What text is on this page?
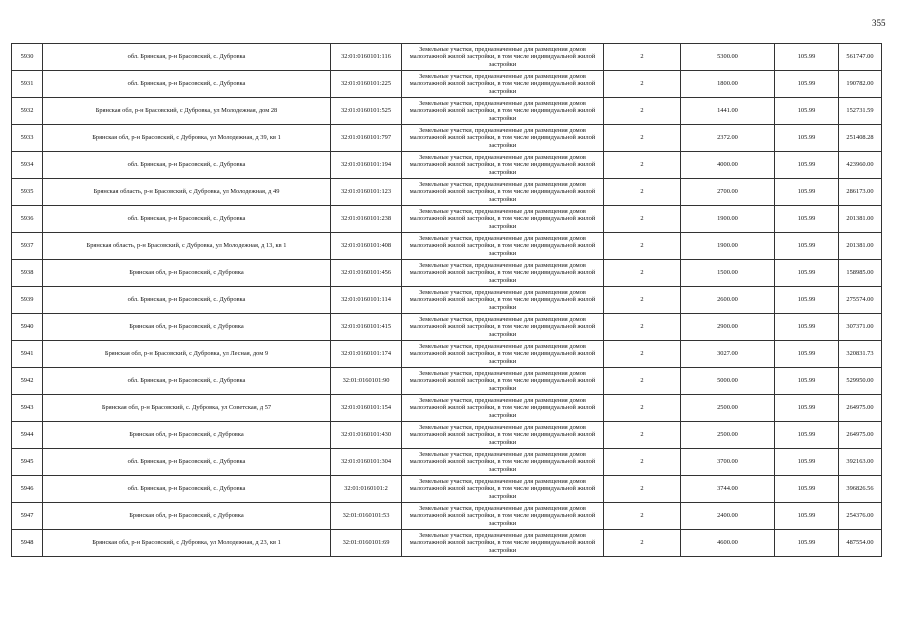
355
5930	обл. Брянская, р-н Брасовский, с. Дубровка	32:01:0160101:116	Земельные участки, предназначенные для размещения домов малоэтажной жилой застройки, в том числе индивидуальной жилой застройки	2	5300.00	105.99	561747.00
5931	обл. Брянская, р-н Брасовский, с. Дубровка	32:01:0160101:225	Земельные участки, предназначенные для размещения домов малоэтажной жилой застройки, в том числе индивидуальной жилой застройки	2	1800.00	105.99	190782.00
5932	Брянская обл, р-н Брасовский, с Дубровка, ул Молодежная, дом 28	32:01:0160101:525	Земельные участки, предназначенные для размещения домов малоэтажной жилой застройки, в том числе индивидуальной жилой застройки	2	1441.00	105.99	152731.59
5933	Брянская обл, р-н Брасовский, с Дубровка, ул Молодежная, д 39, кв 1	32:01:0160101:797	Земельные участки, предназначенные для размещения домов малоэтажной жилой застройки, в том числе индивидуальной жилой застройки	2	2372.00	105.99	251408.28
5934	обл. Брянская, р-н Брасовский, с. Дубровка	32:01:0160101:194	Земельные участки, предназначенные для размещения домов малоэтажной жилой застройки, в том числе индивидуальной жилой застройки	2	4000.00	105.99	423960.00
5935	Брянская область, р-н Брасовский, с Дубровка, ул Молодежная, д 49	32:01:0160101:123	Земельные участки, предназначенные для размещения домов малоэтажной жилой застройки, в том числе индивидуальной жилой застройки	2	2700.00	105.99	286173.00
5936	обл. Брянская, р-н Брасовский, с. Дубровка	32:01:0160101:238	Земельные участки, предназначенные для размещения домов малоэтажной жилой застройки, в том числе индивидуальной жилой застройки	2	1900.00	105.99	201381.00
5937	Брянская область, р-н Брасовский, с Дубровка, ул Молодежная, д 13, кв 1	32:01:0160101:408	Земельные участки, предназначенные для размещения домов малоэтажной жилой застройки, в том числе индивидуальной жилой застройки	2	1900.00	105.99	201381.00
5938	Брянская обл, р-н Брасовский, с Дубровка	32:01:0160101:456	Земельные участки, предназначенные для размещения домов малоэтажной жилой застройки, в том числе индивидуальной жилой застройки	2	1500.00	105.99	158985.00
5939	обл. Брянская, р-н Брасовский, с. Дубровка	32:01:0160101:114	Земельные участки, предназначенные для размещения домов малоэтажной жилой застройки, в том числе индивидуальной жилой застройки	2	2600.00	105.99	275574.00
5940	Брянская обл, р-н Брасовский, с Дубровка	32:01:0160101:415	Земельные участки, предназначенные для размещения домов малоэтажной жилой застройки, в том числе индивидуальной жилой застройки	2	2900.00	105.99	307371.00
5941	Брянская обл, р-н Брасовский, с Дубровка, ул Лесная, дом 9	32:01:0160101:174	Земельные участки, предназначенные для размещения домов малоэтажной жилой застройки, в том числе индивидуальной жилой застройки	2	3027.00	105.99	320831.73
5942	обл. Брянская, р-н Брасовский, с. Дубровка	32:01:0160101:90	Земельные участки, предназначенные для размещения домов малоэтажной жилой застройки, в том числе индивидуальной жилой застройки	2	5000.00	105.99	529950.00
5943	Брянская обл, р-н Брасовский, с. Дубровка, ул Советская, д 57	32:01:0160101:154	Земельные участки, предназначенные для размещения домов малоэтажной жилой застройки, в том числе индивидуальной жилой застройки	2	2500.00	105.99	264975.00
5944	Брянская обл, р-н Брасовский, с Дубровка	32:01:0160101:430	Земельные участки, предназначенные для размещения домов малоэтажной жилой застройки, в том числе индивидуальной жилой застройки	2	2500.00	105.99	264975.00
5945	обл. Брянская, р-н Брасовский, с. Дубровка	32:01:0160101:304	Земельные участки, предназначенные для размещения домов малоэтажной жилой застройки, в том числе индивидуальной жилой застройки	2	3700.00	105.99	392163.00
5946	обл. Брянская, р-н Брасовский, с. Дубровка	32:01:0160101:2	Земельные участки, предназначенные для размещения домов малоэтажной жилой застройки, в том числе индивидуальной жилой застройки	2	3744.00	105.99	396826.56
5947	Брянская обл, р-н Брасовский, с Дубровка	32:01:0160101:53	Земельные участки, предназначенные для размещения домов малоэтажной жилой застройки, в том числе индивидуальной жилой застройки	2	2400.00	105.99	254376.00
5948	Брянская обл, р-н Брасовский, с Дубровка, ул Молодежная, д 23, кв 1	32:01:0160101:69	Земельные участки, предназначенные для размещения домов малоэтажной жилой застройки, в том числе индивидуальной жилой застройки	2	4600.00	105.99	487554.00
